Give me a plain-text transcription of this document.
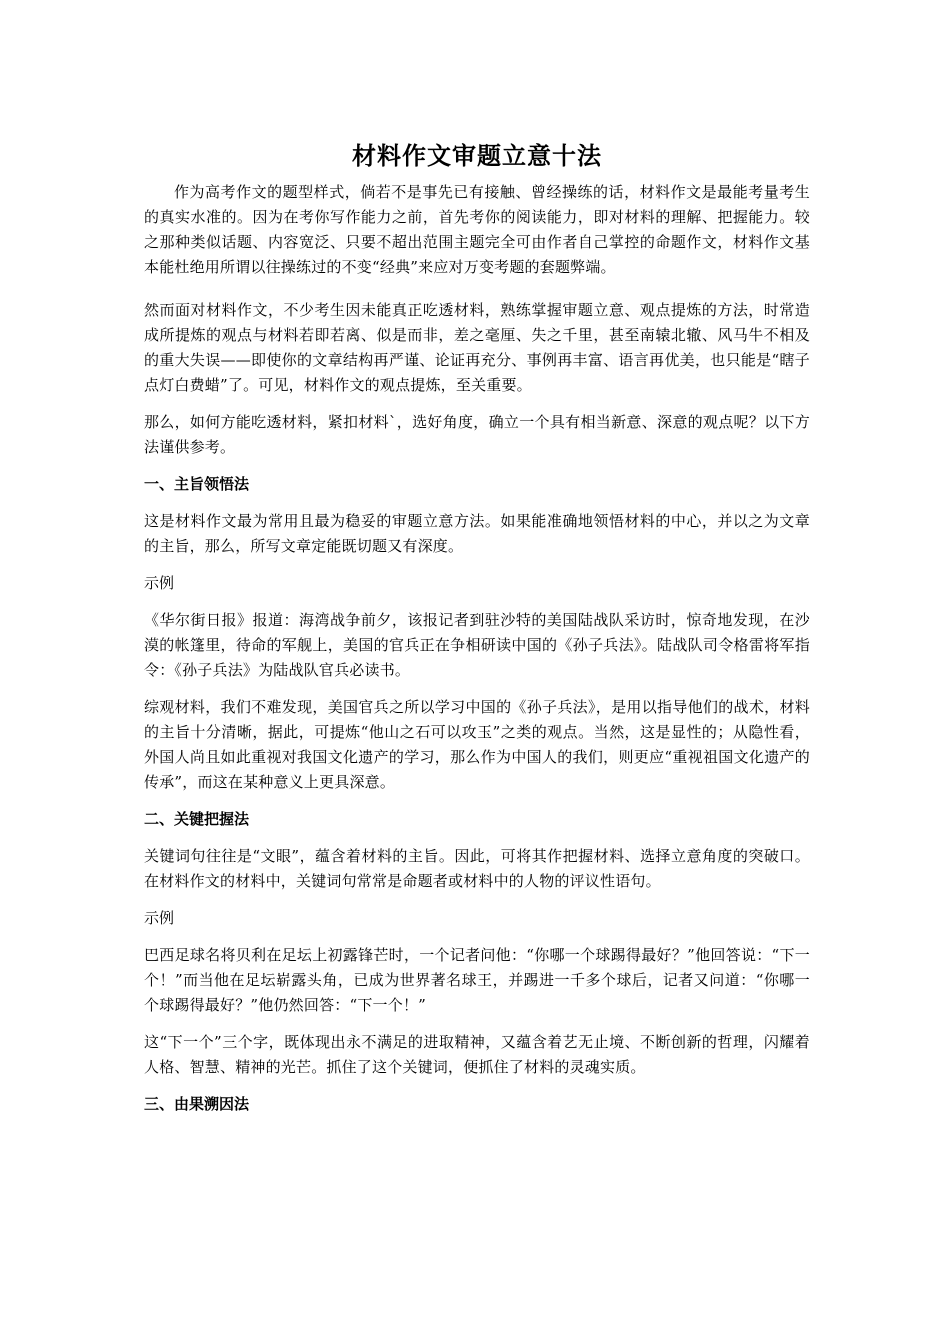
材料作文审题立意十法

作为高考作文的题型样式，倘若不是事先已有接触、曾经操练的话，材料作文是最能考量考生的真实水准的。因为在考你写作能力之前，首先考你的阅读能力，即对材料的理解、把握能力。较之那种类似话题、内容宽泛、只要不超出范围主题完全可由作者自己掌控的命题作文，材料作文基本能杜绝用所谓以往操练过的不变“经典”来应对万变考题的套题弊端。

然而面对材料作文，不少考生因未能真正吃透材料，熟练掌握审题立意、观点提炼的方法，时常造成所提炼的观点与材料若即若离、似是而非，差之毫厘、失之千里，甚至南辕北辙、风马牛不相及的重大失误——即使你的文章结构再严谨、论证再充分、事例再丰富、语言再优美，也只能是“瞎子点灯白费蜡”了。可见，材料作文的观点提炼，至关重要。

那么，如何方能吃透材料，紧扣材料`，选好角度，确立一个具有相当新意、深意的观点呢？以下方法谨供参考。

一、主旨领悟法

这是材料作文最为常用且最为稳妥的审题立意方法。如果能准确地领悟材料的中心，并以之为文章的主旨，那么，所写文章定能既切题又有深度。

示例

《华尔街日报》报道：海湾战争前夕，该报记者到驻沙特的美国陆战队采访时，惊奇地发现，在沙漠的帐篷里，待命的军舰上，美国的官兵正在争相研读中国的《孙子兵法》。陆战队司令格雷将军指令：《孙子兵法》为陆战队官兵必读书。

综观材料，我们不难发现，美国官兵之所以学习中国的《孙子兵法》，是用以指导他们的战术，材料的主旨十分清晰，据此，可提炼“他山之石可以攻玉”之类的观点。当然，这是显性的；从隐性看，外国人尚且如此重视对我国文化遗产的学习，那么作为中国人的我们，则更应“重视祖国文化遗产的传承”，而这在某种意义上更具深意。

二、关键把握法

关键词句往往是“文眼”，蕴含着材料的主旨。因此，可将其作把握材料、选择立意角度的突破口。在材料作文的材料中，关键词句常常是命题者或材料中的人物的评议性语句。

示例

巴西足球名将贝利在足坛上初露锋芒时，一个记者问他：“你哪一个球踢得最好？”他回答说：“下一个！”而当他在足坛崭露头角，已成为世界著名球王，并踢进一千多个球后，记者又问道：“你哪一个球踢得最好？”他仍然回答：“下一个！”

这“下一个”三个字，既体现出永不满足的进取精神，又蕴含着艺无止境、不断创新的哲理，闪耀着人格、智慧、精神的光芒。抓住了这个关键词，便抓住了材料的灵魂实质。

三、由果溯因法
